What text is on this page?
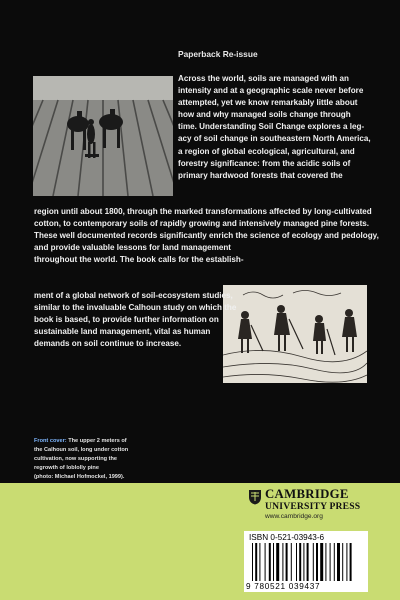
Paperback Re-issue
Across the world, soils are managed with an
intensity and at a geographic scale never before
attempted, yet we know remarkably little about
how and why managed soils change through
time. Understanding Soil Change explores a leg-
acy of soil change in southeastern North America,
a region of global ecological, agricultural, and
forestry significance: from the acidic soils of
primary hardwood forests that covered the
region until about 1800, through the marked transformations affected by long-cultivated
cotton, to contemporary soils of rapidly growing and intensively managed pine forests.
These well documented records significantly enrich the science of ecology and pedology,
and provide valuable lessons for land management
throughout the world. The book calls for the establish-
ment of a global network of soil-ecosystem studies,
similar to the invaluable Calhoun study on which the
book is based, to provide further information on
sustainable land management, vital as human
demands on soil continue to increase.
Front cover: The upper 2 meters of
the Calhoun soil, long under cotton
cultivation, now supporting the
regrowth of loblolly pine
(photo: Michael Hofmockel, 1999).
CAMBRIDGE
UNIVERSITY PRESS
www.cambridge.org
ISBN 0-521-03943-6
9 780521 039437
